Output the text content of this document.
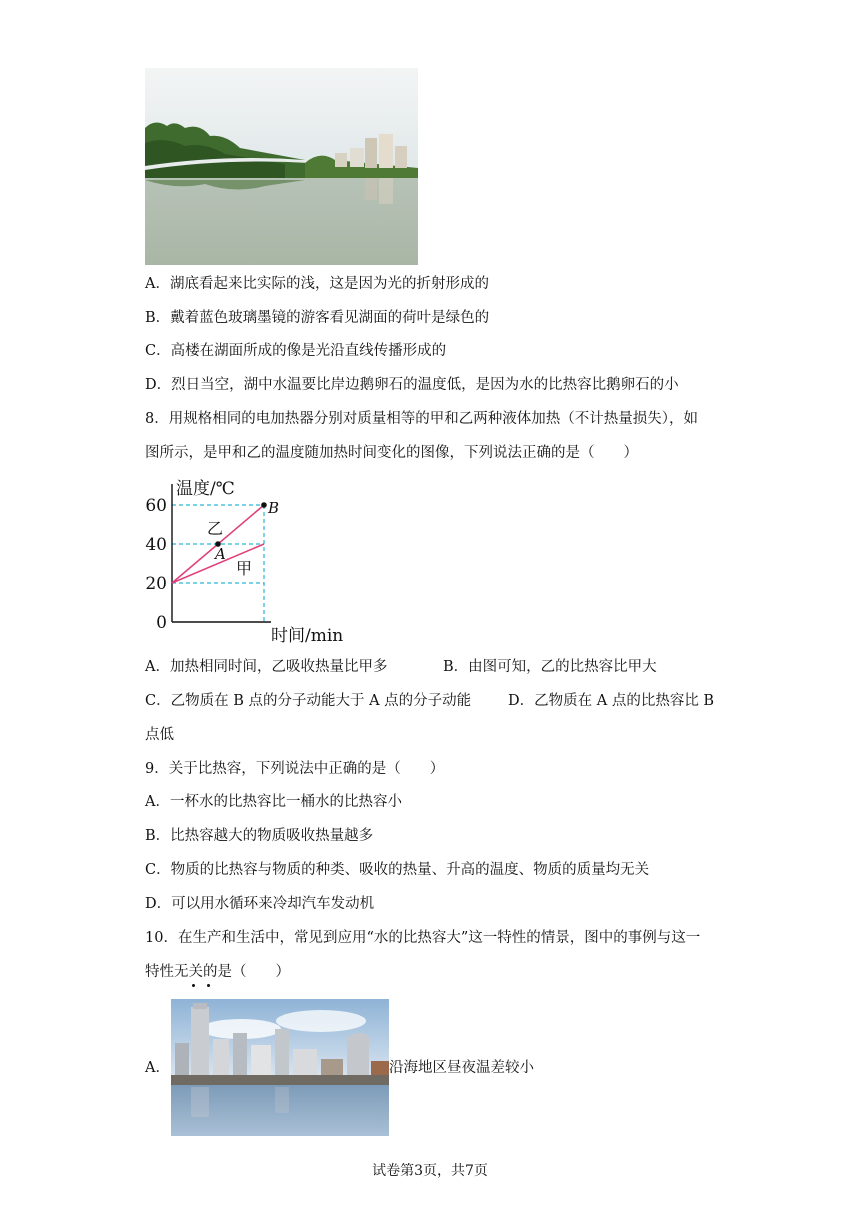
A．湖底看起来比实际的浅，这是因为光的折射形成的
B．戴着蓝色玻璃墨镜的游客看见湖面的荷叶是绿色的
C．高楼在湖面所成的像是光沿直线传播形成的
D．烈日当空，湖中水温要比岸边鹅卵石的温度低，是因为水的比热容比鹅卵石的小
8．用规格相同的电加热器分别对质量相等的甲和乙两种液体加热（不计热量损失），如
图所示，是甲和乙的温度随加热时间变化的图像，下列说法正确的是（　　）
0
20
40
60
温度/℃
时间/min
乙
甲
A
B
A．加热相同时间，乙吸收热量比甲多	B．由图可知，乙的比热容比甲大
C．乙物质在 B 点的分子动能大于 A 点的分子动能	D．乙物质在 A 点的比热容比 B
点低
9．关于比热容，下列说法中正确的是（　　）
A．一杯水的比热容比一桶水的比热容小
B．比热容越大的物质吸收热量越多
C．物质的比热容与物质的种类、吸收的热量、升高的温度、物质的质量均无关
D．可以用水循环来冷却汽车发动机
10．在生产和生活中，常见到应用“水的比热容大”这一特性的情景，图中的事例与这一
特性无关的是（　　）
A．	沿海地区昼夜温差较小
试卷第3页，共7页
